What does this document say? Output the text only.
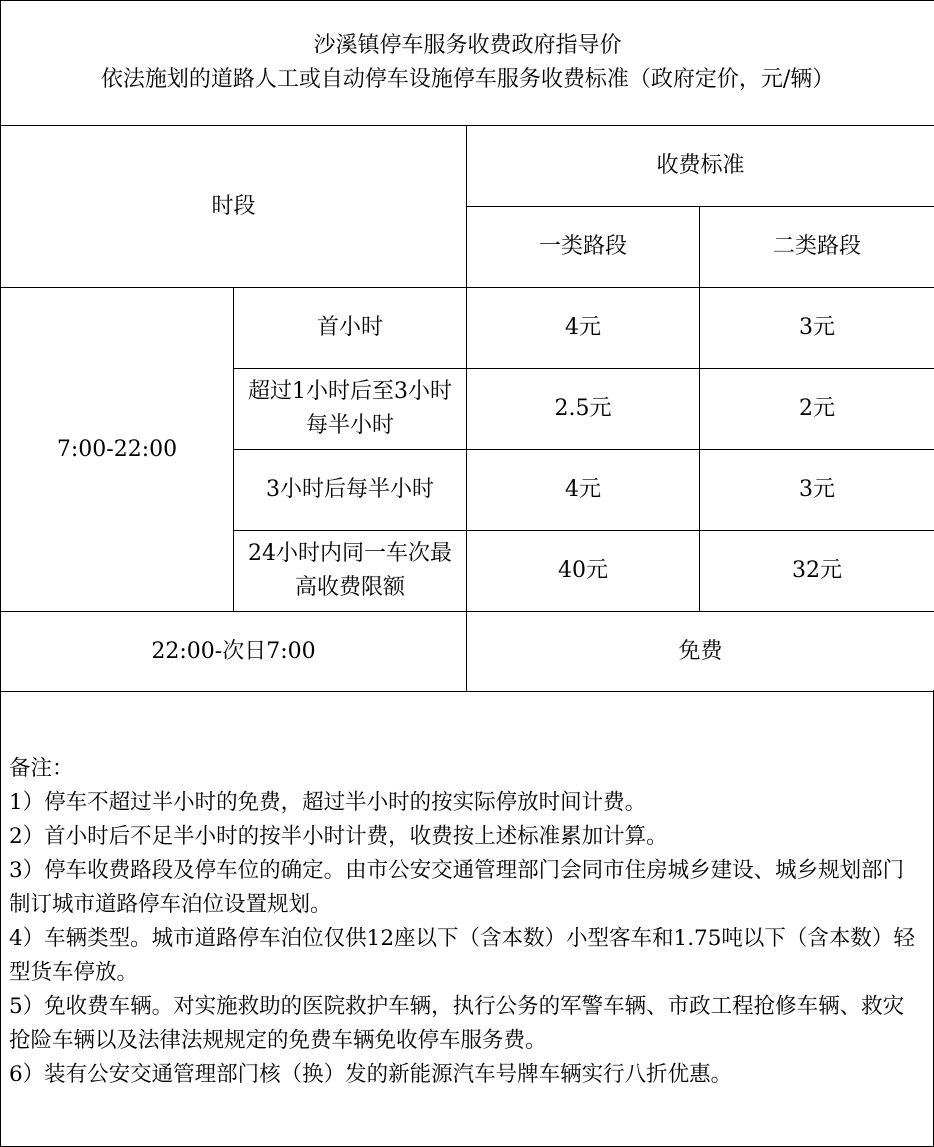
沙溪镇停车服务收费政府指导价
依法施划的道路人工或自动停车设施停车服务收费标准（政府定价，元/辆）			

时段		收费标准	
		一类路段	二类路段
7:00-22:00	首小时	4元	3元
	超过1小时后至3小时每半小时	2.5元	2元
	3小时后每半小时	4元	3元
	24小时内同一车次最高收费限额	40元	32元
22:00-次日7:00		免费	
备注：
1）停车不超过半小时的免费，超过半小时的按实际停放时间计费。
2）首小时后不足半小时的按半小时计费，收费按上述标准累加计算。
3）停车收费路段及停车位的确定。由市公安交通管理部门会同市住房城乡建设、城乡规划部门制订城市道路停车泊位设置规划。
4）车辆类型。城市道路停车泊位仅供12座以下（含本数）小型客车和1.75吨以下（含本数）轻型货车停放。
5）免收费车辆。对实施救助的医院救护车辆，执行公务的军警车辆、市政工程抢修车辆、救灾抢险车辆以及法律法规规定的免费车辆免收停车服务费。
6）装有公安交通管理部门核（换）发的新能源汽车号牌车辆实行八折优惠。
